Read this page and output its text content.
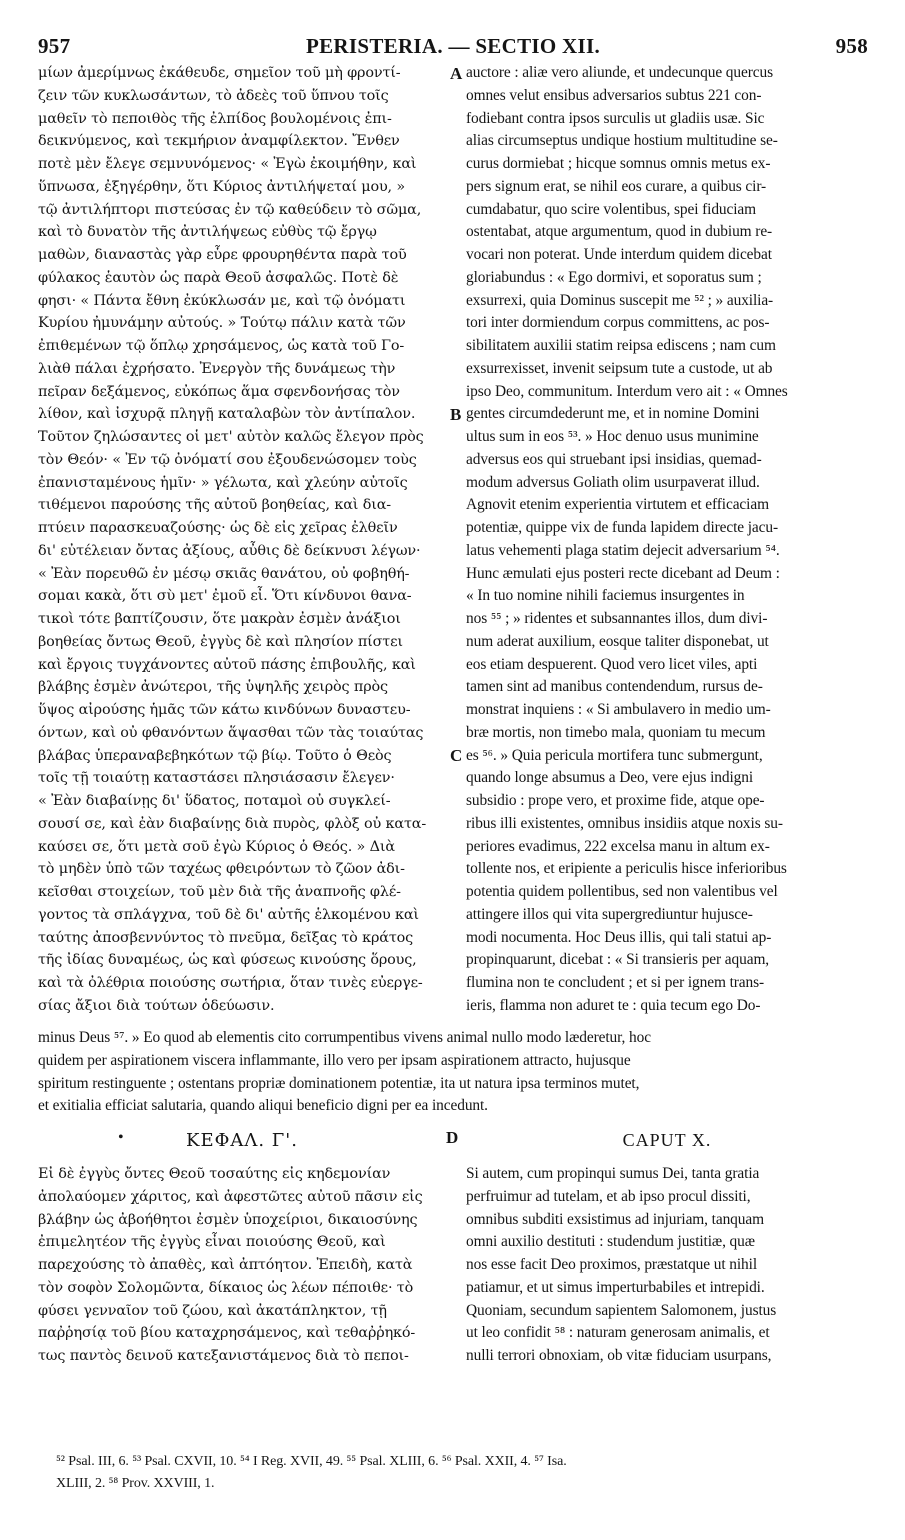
957	PERISTERIA. — SECTIO XII.	958

μίων ἀμερίμνως ἐκάθευδε, σημεῖον τοῦ μὴ φροντί-

ζειν τῶν κυκλωσάντων, τὸ ἀδεὲς τοῦ ὕπνου τοῖς

μαθεῖν τὸ πεποιθὸς τῆς ἐλπίδος βουλομένοις ἐπι-

δεικνύμενος, καὶ τεκμήριον ἀναμφίλεκτον. Ἔνθεν

ποτὲ μὲν ἔλεγε σεμνυνόμενος· « Ἐγὼ ἐκοιμήθην, καὶ

ὕπνωσα, ἐξηγέρθην, ὅτι Κύριος ἀντιλήψεταί μου, »

τῷ ἀντιλήπτορι πιστεύσας ἐν τῷ καθεύδειν τὸ σῶμα,

καὶ τὸ δυνατὸν τῆς ἀντιλήψεως εὐθὺς τῷ ἔργῳ

μαθὼν, διαναστὰς γὰρ εὗρε φρουρηθέντα παρὰ τοῦ

φύλακος ἑαυτὸν ὡς παρὰ Θεοῦ ἀσφαλῶς. Ποτὲ δὲ

φησι· « Πάντα ἔθνη ἐκύκλωσάν με, καὶ τῷ ὀνόματι

Κυρίου ἠμυνάμην αὐτούς. » Τούτῳ πάλιν κατὰ τῶν

ἐπιθεμένων τῷ ὅπλῳ χρησάμενος, ὡς κατὰ τοῦ Γο-

λιὰθ πάλαι ἐχρήσατο. Ἐνεργὸν τῆς δυνάμεως τὴν

πεῖραν δεξάμενος, εὐκόπως ἅμα σφενδονήσας τὸν

λίθον, καὶ ἰσχυρᾷ πληγῇ καταλαβὼν τὸν ἀντίπαλον.

Τοῦτον ζηλώσαντες οἱ μετ' αὐτὸν καλῶς ἔλεγον πρὸς

τὸν Θεόν· « Ἐν τῷ ὀνόματί σου ἐξουδενώσομεν τοὺς

ἐπανισταμένους ἡμῖν· » γέλωτα, καὶ χλεύην αὐτοῖς

τιθέμενοι παρούσης τῆς αὐτοῦ βοηθείας, καὶ δια-

πτύειν παρασκευαζούσης· ὡς δὲ εἰς χεῖρας ἐλθεῖν

δι' εὐτέλειαν ὄντας ἀξίους, αὖθις δὲ δείκνυσι λέγων·

« Ἐὰν πορευθῶ ἐν μέσῳ σκιᾶς θανάτου, οὐ φοβηθή-

σομαι κακὰ, ὅτι σὺ μετ' ἐμοῦ εἶ. Ὅτι κίνδυνοι θανα-

τικοὶ τότε βαπτίζουσιν, ὅτε μακρὰν ἐσμὲν ἀνάξιοι

βοηθείας ὄντως Θεοῦ, ἐγγὺς δὲ καὶ πλησίον πίστει

καὶ ἔργοις τυγχάνοντες αὐτοῦ πάσης ἐπιβουλῆς, καὶ

βλάβης ἐσμὲν ἀνώτεροι, τῆς ὑψηλῆς χειρὸς πρὸς

ὕψος αἰρούσης ἡμᾶς τῶν κάτω κινδύνων δυναστευ-

όντων, καὶ οὐ φθανόντων ἅψασθαι τῶν τὰς τοιαύτας

βλάβας ὑπεραναβεβηκότων τῷ βίῳ. Τοῦτο ὁ Θεὸς

τοῖς τῇ τοιαύτῃ καταστάσει πλησιάσασιν ἔλεγεν·

« Ἐὰν διαβαίνῃς δι' ὕδατος, ποταμοὶ οὐ συγκλεί-

σουσί σε, καὶ ἐὰν διαβαίνῃς διὰ πυρὸς, φλὸξ οὐ κατα-

καύσει σε, ὅτι μετὰ σοῦ ἐγὼ Κύριος ὁ Θεός. » Διὰ

τὸ μηδὲν ὑπὸ τῶν ταχέως φθειρόντων τὸ ζῶον ἀδι-

κεῖσθαι στοιχείων, τοῦ μὲν διὰ τῆς ἀναπνοῆς φλέ-

γοντος τὰ σπλάγχνα, τοῦ δὲ δι' αὐτῆς ἑλκομένου καὶ

ταύτης ἀποσβεννύντος τὸ πνεῦμα, δεῖξας τὸ κράτος

τῆς ἰδίας δυναμέως, ὡς καὶ φύσεως κινούσης ὅρους,

καὶ τὰ ὀλέθρια ποιούσης σωτήρια, ὅταν τινὲς εὐεργε-

σίας ἄξιοι διὰ τούτων ὁδεύωσιν.

auctore : aliæ vero aliunde, et undecunque quercus

omnes velut ensibus adversarios subtus 221 con-

fodiebant contra ipsos surculis ut gladiis usæ. Sic

alias circumseptus undique hostium multitudine se-

curus dormiebat ; hicque somnus omnis metus ex-

pers signum erat, se nihil eos curare, a quibus cir-

cumdabatur, quo scire volentibus, spei fiduciam

ostentabat, atque argumentum, quod in dubium re-

vocari non poterat. Unde interdum quidem dicebat

gloriabundus : « Ego dormivi, et soporatus sum ;

exsurrexi, quia Dominus suscepit me ⁵² ; » auxilia-

tori inter dormiendum corpus committens, ac pos-

sibilitatem auxilii statim reipsa ediscens ; nam cum

exsurrexisset, invenit seipsum tute a custode, ut ab

ipso Deo, communitum. Interdum vero ait : « Omnes

gentes circumdederunt me, et in nomine Domini

ultus sum in eos ⁵³. » Hoc denuo usus munimine

adversus eos qui struebant ipsi insidias, quemad-

modum adversus Goliath olim usurpaverat illud.

Agnovit etenim experientia virtutem et efficaciam

potentiæ, quippe vix de funda lapidem directe jacu-

latus vehementi plaga statim dejecit adversarium ⁵⁴.

Hunc æmulati ejus posteri recte dicebant ad Deum :

« In tuo nomine nihili faciemus insurgentes in

nos ⁵⁵ ; » ridentes et subsannantes illos, dum divi-

num aderat auxilium, eosque taliter disponebat, ut

eos etiam despuerent. Quod vero licet viles, apti

tamen sint ad manibus contendendum, rursus de-

monstrat inquiens : « Si ambulavero in medio um-

bræ mortis, non timebo mala, quoniam tu mecum

es ⁵⁶. » Quia pericula mortifera tunc submergunt,

quando longe absumus a Deo, vere ejus indigni

subsidio : prope vero, et proxime fide, atque ope-

ribus illi existentes, omnibus insidiis atque noxis su-

periores evadimus, 222 excelsa manu in altum ex-

tollente nos, et eripiente a periculis hisce inferioribus

potentia quidem pollentibus, sed non valentibus vel

attingere illos qui vita supergrediuntur hujusce-

modi nocumenta. Hoc Deus illis, qui tali statui ap-

propinquarunt, dicebat : « Si transieris per aquam,

flumina non te concludent ; et si per ignem trans-

ieris, flamma non aduret te : quia tecum ego Do-

A
B
C

minus Deus ⁵⁷. » Eo quod ab elementis cito corrumpentibus vivens animal nullo modo læderetur, hoc

quidem per aspirationem viscera inflammante, illo vero per ipsam aspirationem attracto, hujusque

spiritum restinguente ; ostentans propriæ dominationem potentiæ, ita ut natura ipsa terminos mutet,

et exitialia efficiat salutaria, quando aliqui beneficio digni per ea incedunt.

•	ΚΕΦΑΛ. Γ'.	D	CAPUT X.

Εἰ δὲ ἐγγὺς ὄντες Θεοῦ τοσαύτης εἰς κηδεμονίαν

ἀπολαύομεν χάριτος, καὶ ἀφεστῶτες αὐτοῦ πᾶσιν εἰς

βλάβην ὡς ἀβοήθητοι ἐσμὲν ὑποχείριοι, δικαιοσύνης

ἐπιμελητέον τῆς ἐγγὺς εἶναι ποιούσης Θεοῦ, καὶ

παρεχούσης τὸ ἀπαθὲς, καὶ ἀπτόητον. Ἐπειδὴ, κατὰ

τὸν σοφὸν Σολομῶντα, δίκαιος ὡς λέων πέποιθε· τὸ

φύσει γενναῖον τοῦ ζώου, καὶ ἀκατάπληκτον, τῇ

παῤῥησίᾳ τοῦ βίου καταχρησάμενος, καὶ τεθαῤῥηκό-

τως παντὸς δεινοῦ κατεξανιστάμενος διὰ τὸ πεποι-

Si autem, cum propinqui sumus Dei, tanta gratia

perfruimur ad tutelam, et ab ipso procul dissiti,

omnibus subditi exsistimus ad injuriam, tanquam

omni auxilio destituti : studendum justitiæ, quæ

nos esse facit Deo proximos, præstatque ut nihil

patiamur, et ut simus imperturbabiles et intrepidi.

Quoniam, secundum sapientem Salomonem, justus

ut leo confidit ⁵⁸ : naturam generosam animalis, et

nulli terrori obnoxiam, ob vitæ fiduciam usurpans,

⁵² Psal. III, 6. ⁵³ Psal. CXVII, 10. ⁵⁴ I Reg. XVII, 49. ⁵⁵ Psal. XLIII, 6. ⁵⁶ Psal. XXII, 4. ⁵⁷ Isa.

XLIII, 2. ⁵⁸ Prov. XXVIII, 1.
